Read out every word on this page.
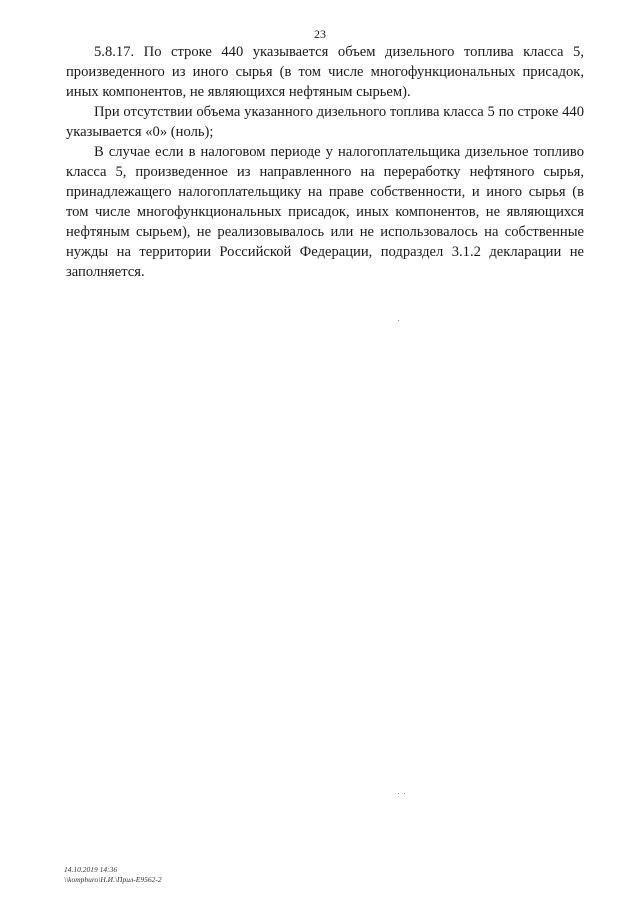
23

5.8.17. По строке 440 указывается объем дизельного топлива класса 5, произведенного из иного сырья (в том числе многофункциональных присадок, иных компонентов, не являющихся нефтяным сырьем).

При отсутствии объема указанного дизельного топлива класса 5 по строке 440 указывается «0» (ноль);

В случае если в налоговом периоде у налогоплательщика дизельное топливо класса 5, произведенное из направленного на переработку нефтяного сырья, принадлежащего налогоплательщику на праве собственности, и иного сырья (в том числе многофункциональных присадок, иных компонентов, не являющихся нефтяным сырьем), не реализовывалось или не использовалось на собственные нужды на территории Российской Федерации, подраздел 3.1.2 декларации не заполняется.

14.10.2019 14:36
\\kompburo\Н.И.\Прил-Е9562-2
